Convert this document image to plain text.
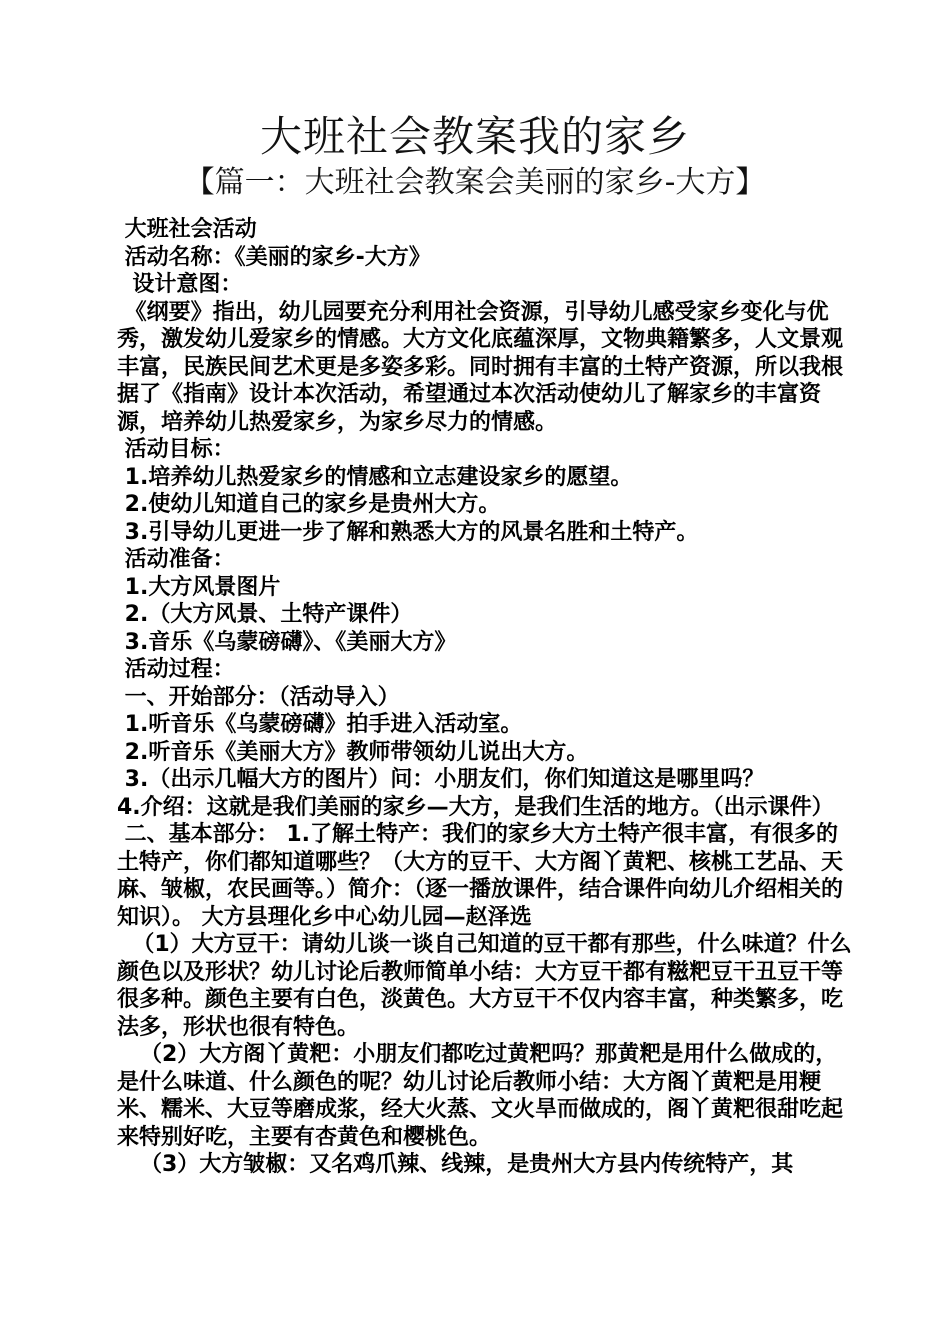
大班社会教案我的家乡
【篇一：大班社会教案会美丽的家乡-大方】

大班社会活动

活动名称：《美丽的家乡-大方》

设计意图：

《纲要》指出，幼儿园要充分利用社会资源，引导幼儿感受家乡变化与优秀，激发幼儿爱家乡的情感。大方文化底蕴深厚，文物典籍繁多，人文景观丰富，民族民间艺术更是多姿多彩。同时拥有丰富的土特产资源，所以我根据了《指南》设计本次活动，希望通过本次活动使幼儿了解家乡的丰富资源，培养幼儿热爱家乡，为家乡尽力的情感。

活动目标：

1.培养幼儿热爱家乡的情感和立志建设家乡的愿望。

2.使幼儿知道自己的家乡是贵州大方。

3.引导幼儿更进一步了解和熟悉大方的风景名胜和土特产。

活动准备：

1.大方风景图片

2.（大方风景、土特产课件）

3.音乐《乌蒙磅礴》、《美丽大方》

活动过程：

一、开始部分：（活动导入）

1.听音乐《乌蒙磅礴》拍手进入活动室。

2.听音乐《美丽大方》教师带领幼儿说出大方。

3.（出示几幅大方的图片）问：小朋友们，你们知道这是哪里吗？

4.介绍：这就是我们美丽的家乡—大方，是我们生活的地方。（出示课件）

二、基本部分： 1.了解土特产：我们的家乡大方土特产很丰富，有很多的土特产，你们都知道哪些？（大方的豆干、大方阁丫黄粑、核桃工艺品、天麻、皱椒，农民画等。）简介：（逐一播放课件，结合课件向幼儿介绍相关的知识）。 大方县理化乡中心幼儿园—赵泽选

（1）大方豆干：请幼儿谈一谈自己知道的豆干都有那些，什么味道？什么颜色以及形状？幼儿讨论后教师简单小结：大方豆干都有糍粑豆干丑豆干等很多种。颜色主要有白色，淡黄色。大方豆干不仅内容丰富，种类繁多，吃法多，形状也很有特色。

（2）大方阁丫黄粑：小朋友们都吃过黄粑吗？那黄粑是用什么做成的，是什么味道、什么颜色的呢？幼儿讨论后教师小结：大方阁丫黄粑是用粳米、糯米、大豆等磨成浆，经大火蒸、文火旱而做成的，阁丫黄粑很甜吃起来特别好吃，主要有杏黄色和樱桃色。

（3）大方皱椒：又名鸡爪辣、线辣，是贵州大方县内传统特产，其
